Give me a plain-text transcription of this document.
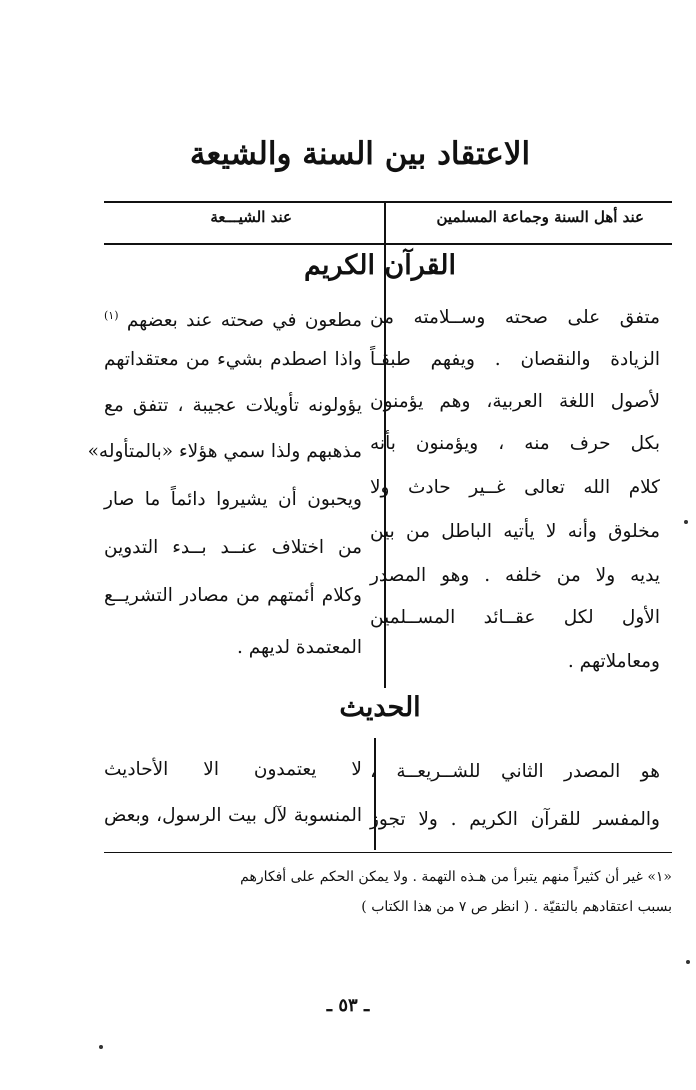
الاعتقاد بين السنة والشيعة
عند أهل السنة وجماعة المسلمين
عند الشيـــعة
القرآن الكريم
متفق على صحته وســلامته من
الزيادة والنقصان . ويفهم طبقـاً
لأصول اللغة العربية، وهم يؤمنون
بكل حرف منه ، ويؤمنون بأنه
كلام الله تعالى غــير حادث ولا
مخلوق وأنه لا يأتيه الباطل من بين
يديه ولا من خلفه . وهو المصدر
الأول لكل عقــائد المســلمين
ومعاملاتهم .
مطعون في صحته عند بعضهم $^{(١)}$
واذا اصطدم بشيء من معتقداتهم
يؤولونه تأويلات عجيبة ، تتفق مع
مذهبهم ولذا سمي هؤلاء «بالمتأوله»
ويحبون أن يشيروا دائماً ما صار
من اختلاف عنــد بــدء التدوين
وكلام أئمتهم من مصادر التشريــع
المعتمدة لديهم .
الحديث
هو المصدر الثاني للشــريعــة ،
والمفسر للقرآن الكريم . ولا تجوز
لا يعتمدون الا الأحاديث
المنسوبة لآل بيت الرسول، وبعض
«١» غير أن كثيراً منهم يتبرأ من هـذه التهمة . ولا يمكن الحكم على أفكارهم
بسبب اعتقادهم بالتقيّة . ( انظر ص ٧ من هذا الكتاب )
ـ ٥٣ ـ
